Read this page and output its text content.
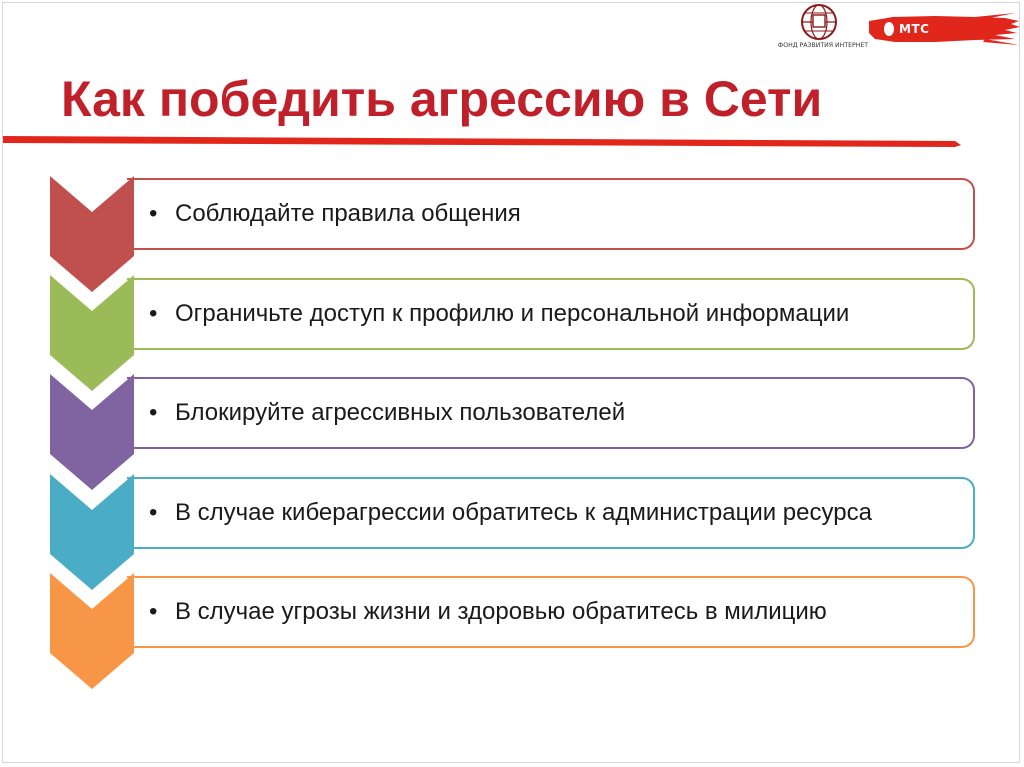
ФОНД РАЗВИТИЯ ИНТЕРНЕТ
МТС
Как победить агрессию в Сети
• Соблюдайте правила общения
• Ограничьте доступ к профилю и персональной информации
• Блокируйте агрессивных пользователей
• В случае киберагрессии обратитесь к администрации ресурса
• В случае угрозы жизни и здоровью обратитесь в милицию
